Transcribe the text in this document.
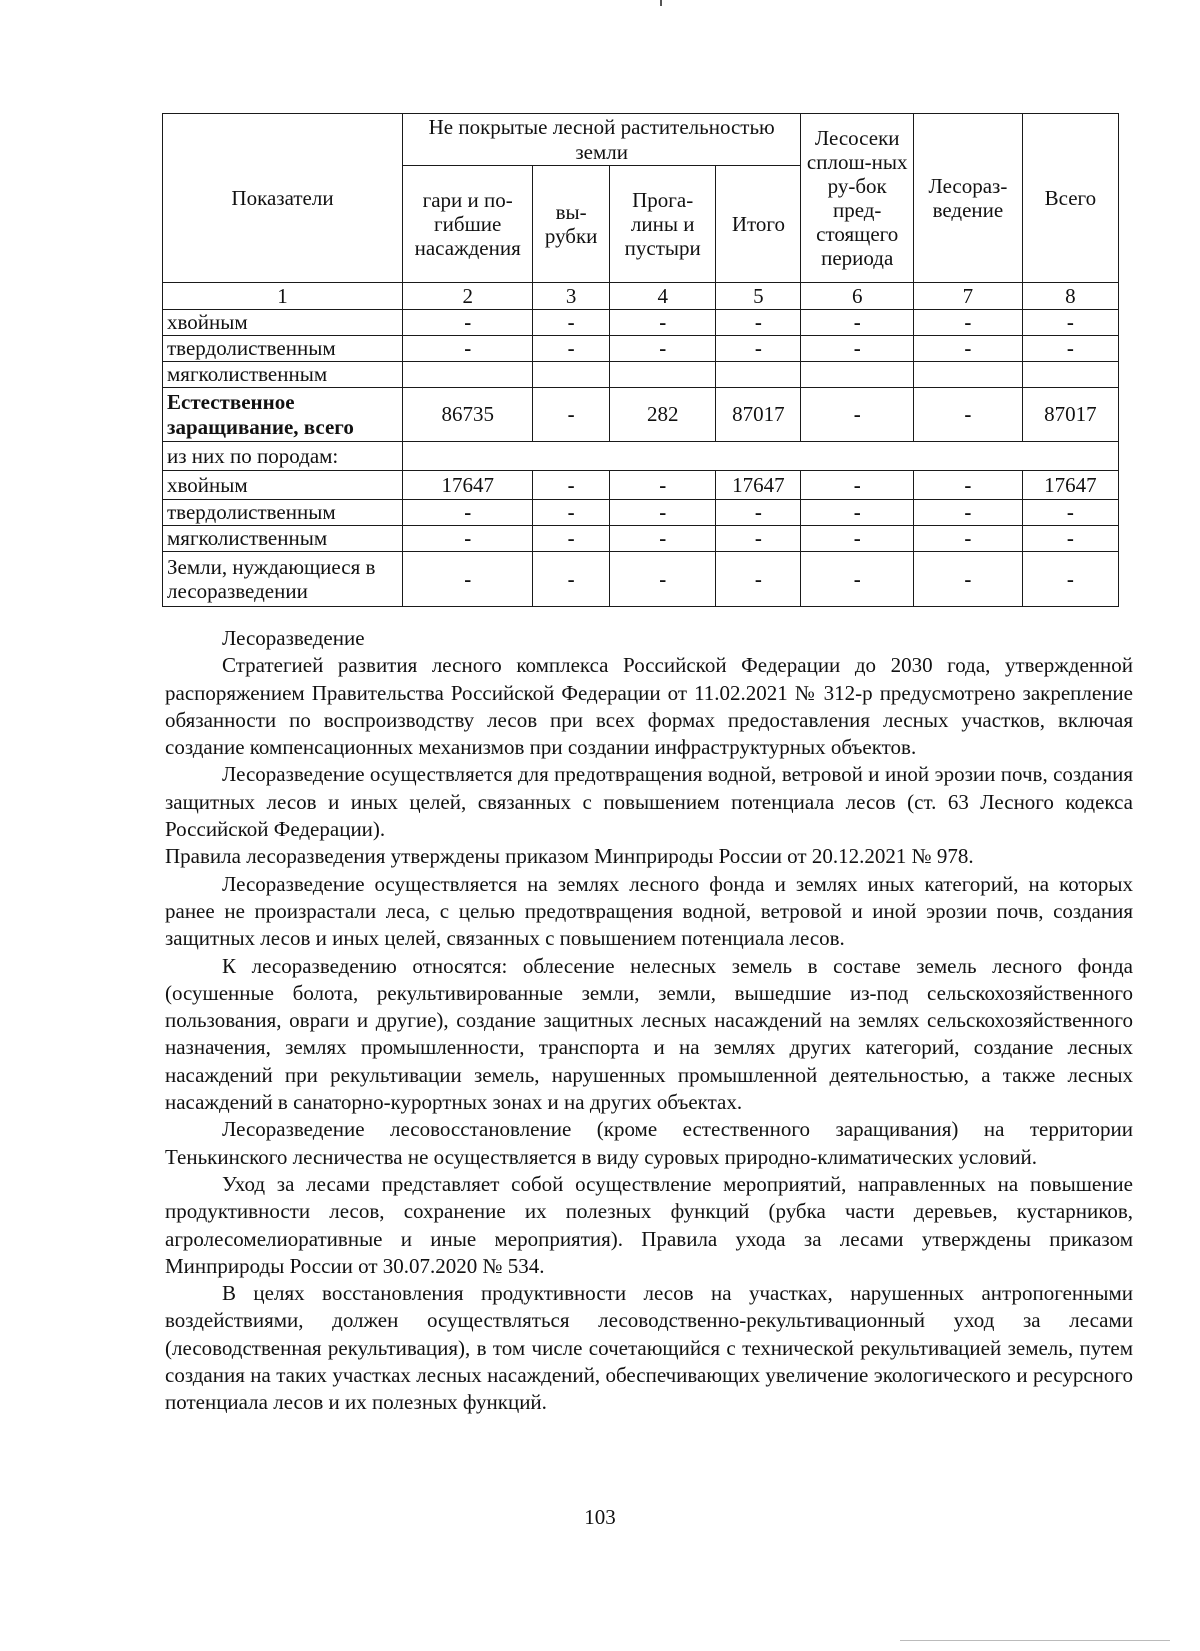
Показатели	Не покрытые лесной растительностью земли				Лесосеки сплош-ных ру-бок пред-стоящего периода	Лесораз-ведение	Всего
	гари и по-гибшие насаждения	вы-рубки	Прога-лины и пустыри	Итого			
1	2	3	4	5	6	7	8
хвойным	-	-	-	-	-	-	-
твердолиственным	-	-	-	-	-	-	-
мягколиственным							
Естественное заращивание, всего	86735	-	282	87017	-	-	87017
из них по породам:							
хвойным	17647	-	-	17647	-	-	17647
твердолиственным	-	-	-	-	-	-	-
мягколиственным	-	-	-	-	-	-	-
Земли, нуждающиеся в лесоразведении	-	-	-	-	-	-	-

Лесоразведение

Стратегией развития лесного комплекса Российской Федерации до 2030 года, утвержденной распоряжением Правительства Российской Федерации от 11.02.2021 № 312-р предусмотрено закрепление обязанности по воспроизводству лесов при всех формах предоставления лесных участков, включая создание компенсационных механизмов при создании инфраструктурных объектов.

Лесоразведение осуществляется для предотвращения водной, ветровой и иной эрозии почв, создания защитных лесов и иных целей, связанных с повышением потенциала лесов (ст. 63 Лесного кодекса Российской Федерации).

Правила лесоразведения утверждены приказом Минприроды России от 20.12.2021 № 978.

Лесоразведение осуществляется на землях лесного фонда и землях иных категорий, на которых ранее не произрастали леса, с целью предотвращения водной, ветровой и иной эрозии почв, создания защитных лесов и иных целей, связанных с повышением потенциала лесов.

К лесоразведению относятся: облесение нелесных земель в составе земель лесного фонда (осушенные болота, рекультивированные земли, земли, вышедшие из-под сельскохозяйственного пользования, овраги и другие), создание защитных лесных насаждений на землях сельскохозяйственного назначения, землях промышленности, транспорта и на землях других категорий, создание лесных насаждений при рекультивации земель, нарушенных промышленной деятельностью, а также лесных насаждений в санаторно-курортных зонах и на других объектах.

Лесоразведение лесовосстановление (кроме естественного заращивания) на территории Тенькинского лесничества не осуществляется в виду суровых природно-климатических условий.

Уход за лесами представляет собой осуществление мероприятий, направленных на повышение продуктивности лесов, сохранение их полезных функций (рубка части деревьев, кустарников, агролесомелиоративные и иные мероприятия). Правила ухода за лесами утверждены приказом Минприроды России от 30.07.2020 № 534.

В целях восстановления продуктивности лесов на участках, нарушенных антропогенными воздействиями, должен осуществляться лесоводственно-рекультивационный уход за лесами (лесоводственная рекультивация), в том числе сочетающийся с технической рекультивацией земель, путем создания на таких участках лесных насаждений, обеспечивающих увеличение экологического и ресурсного потенциала лесов и их полезных функций.

103
